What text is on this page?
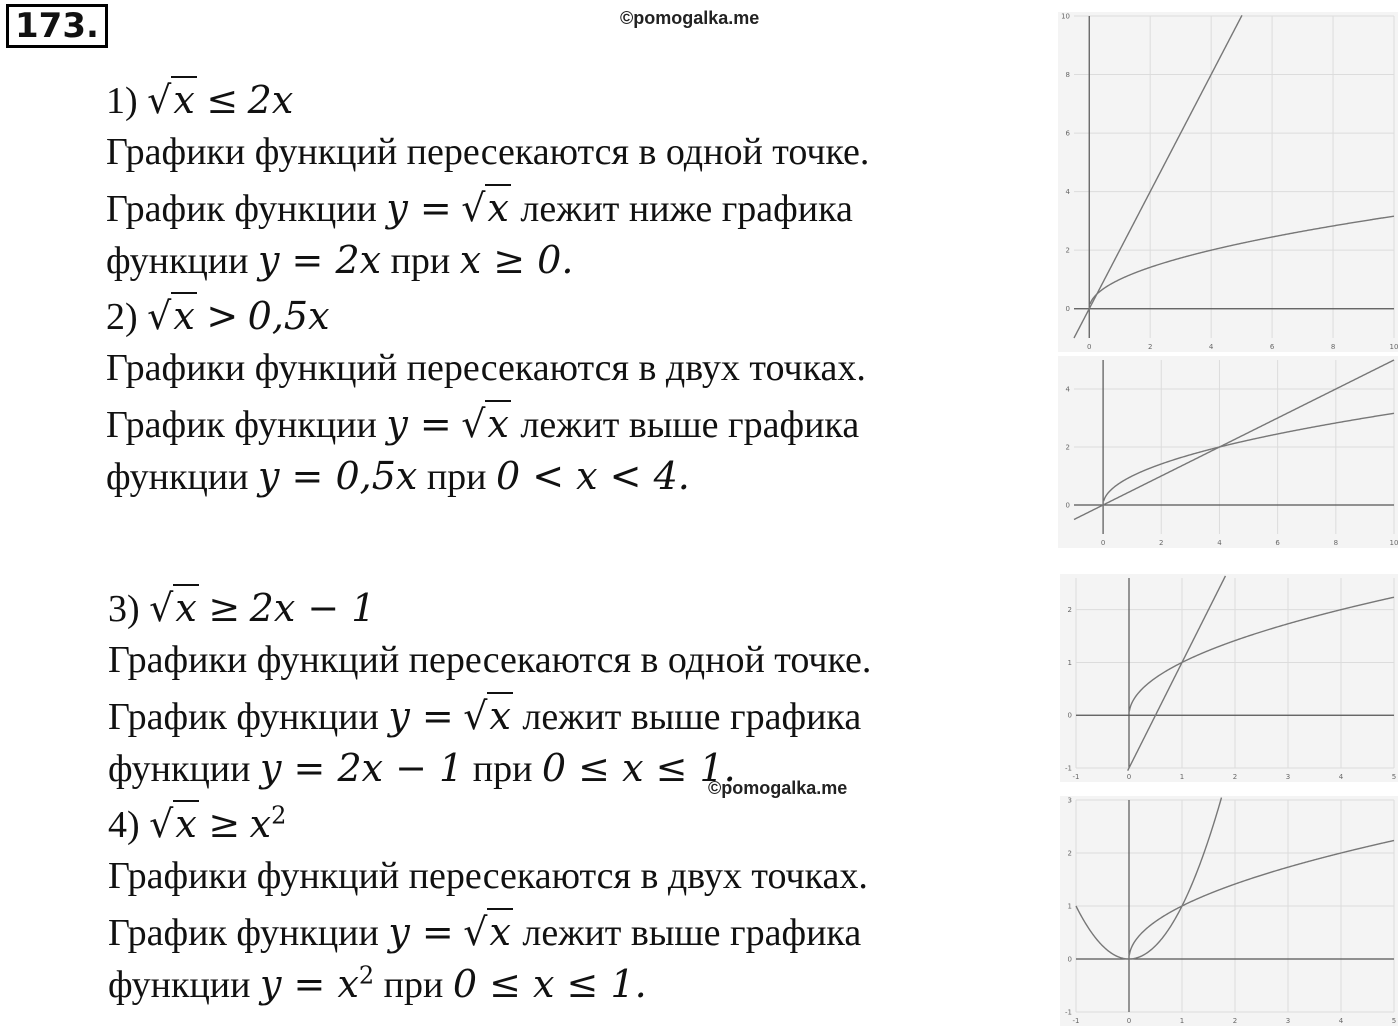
173.	©pomogalka.me
1) √x ≤ 2x
Графики функций пересекаются в одной точке.
График функции y = √x лежит ниже графика
функции y = 2x при x ≥ 0.
2) √x > 0,5x
Графики функций пересекаются в двух точках.
График функции y = √x лежит выше графика
функции y = 0,5x при 0 < x < 4.
3) √x ≥ 2x − 1
Графики функций пересекаются в одной точке.
График функции y = √x лежит выше графика
функции y = 2x − 1 при 0 ≤ x ≤ 1.
©pomogalka.me
4) $√x \ge x^2$
Графики функций пересекаются в двух точках.
График функции y = √x лежит выше графика
функции $y = x^2$ при 0 ≤ x ≤ 1.
0	2	4	6	8	10
0
2
4
6
8
10
0	2	4	6	8	10
0
2
4
-1	0	1	2	3	4	5
-1
0
1
2
-1	0	1	2	3	4	5
-1
0
1
2
3
